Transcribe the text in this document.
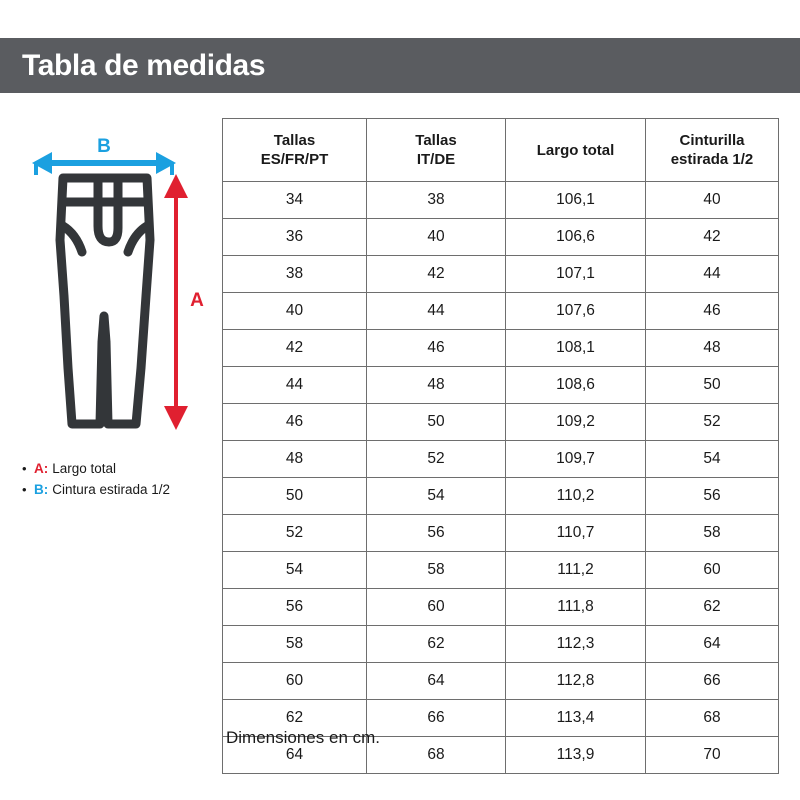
Tabla de medidas
B
A
• A: Largo total
• B: Cintura estirada 1/2
Tallas
ES/FR/PT

Tallas
IT/DE

Largo total

Cinturilla
estirada 1/2

34	38	106,1	40
36	40	106,6	42
38	42	107,1	44
40	44	107,6	46
42	46	108,1	48
44	48	108,6	50
46	50	109,2	52
48	52	109,7	54
50	54	110,2	56
52	56	110,7	58
54	58	111,2	60
56	60	111,8	62
58	62	112,3	64
60	64	112,8	66
62	66	113,4	68
64	68	113,9	70
Dimensiones en cm.
